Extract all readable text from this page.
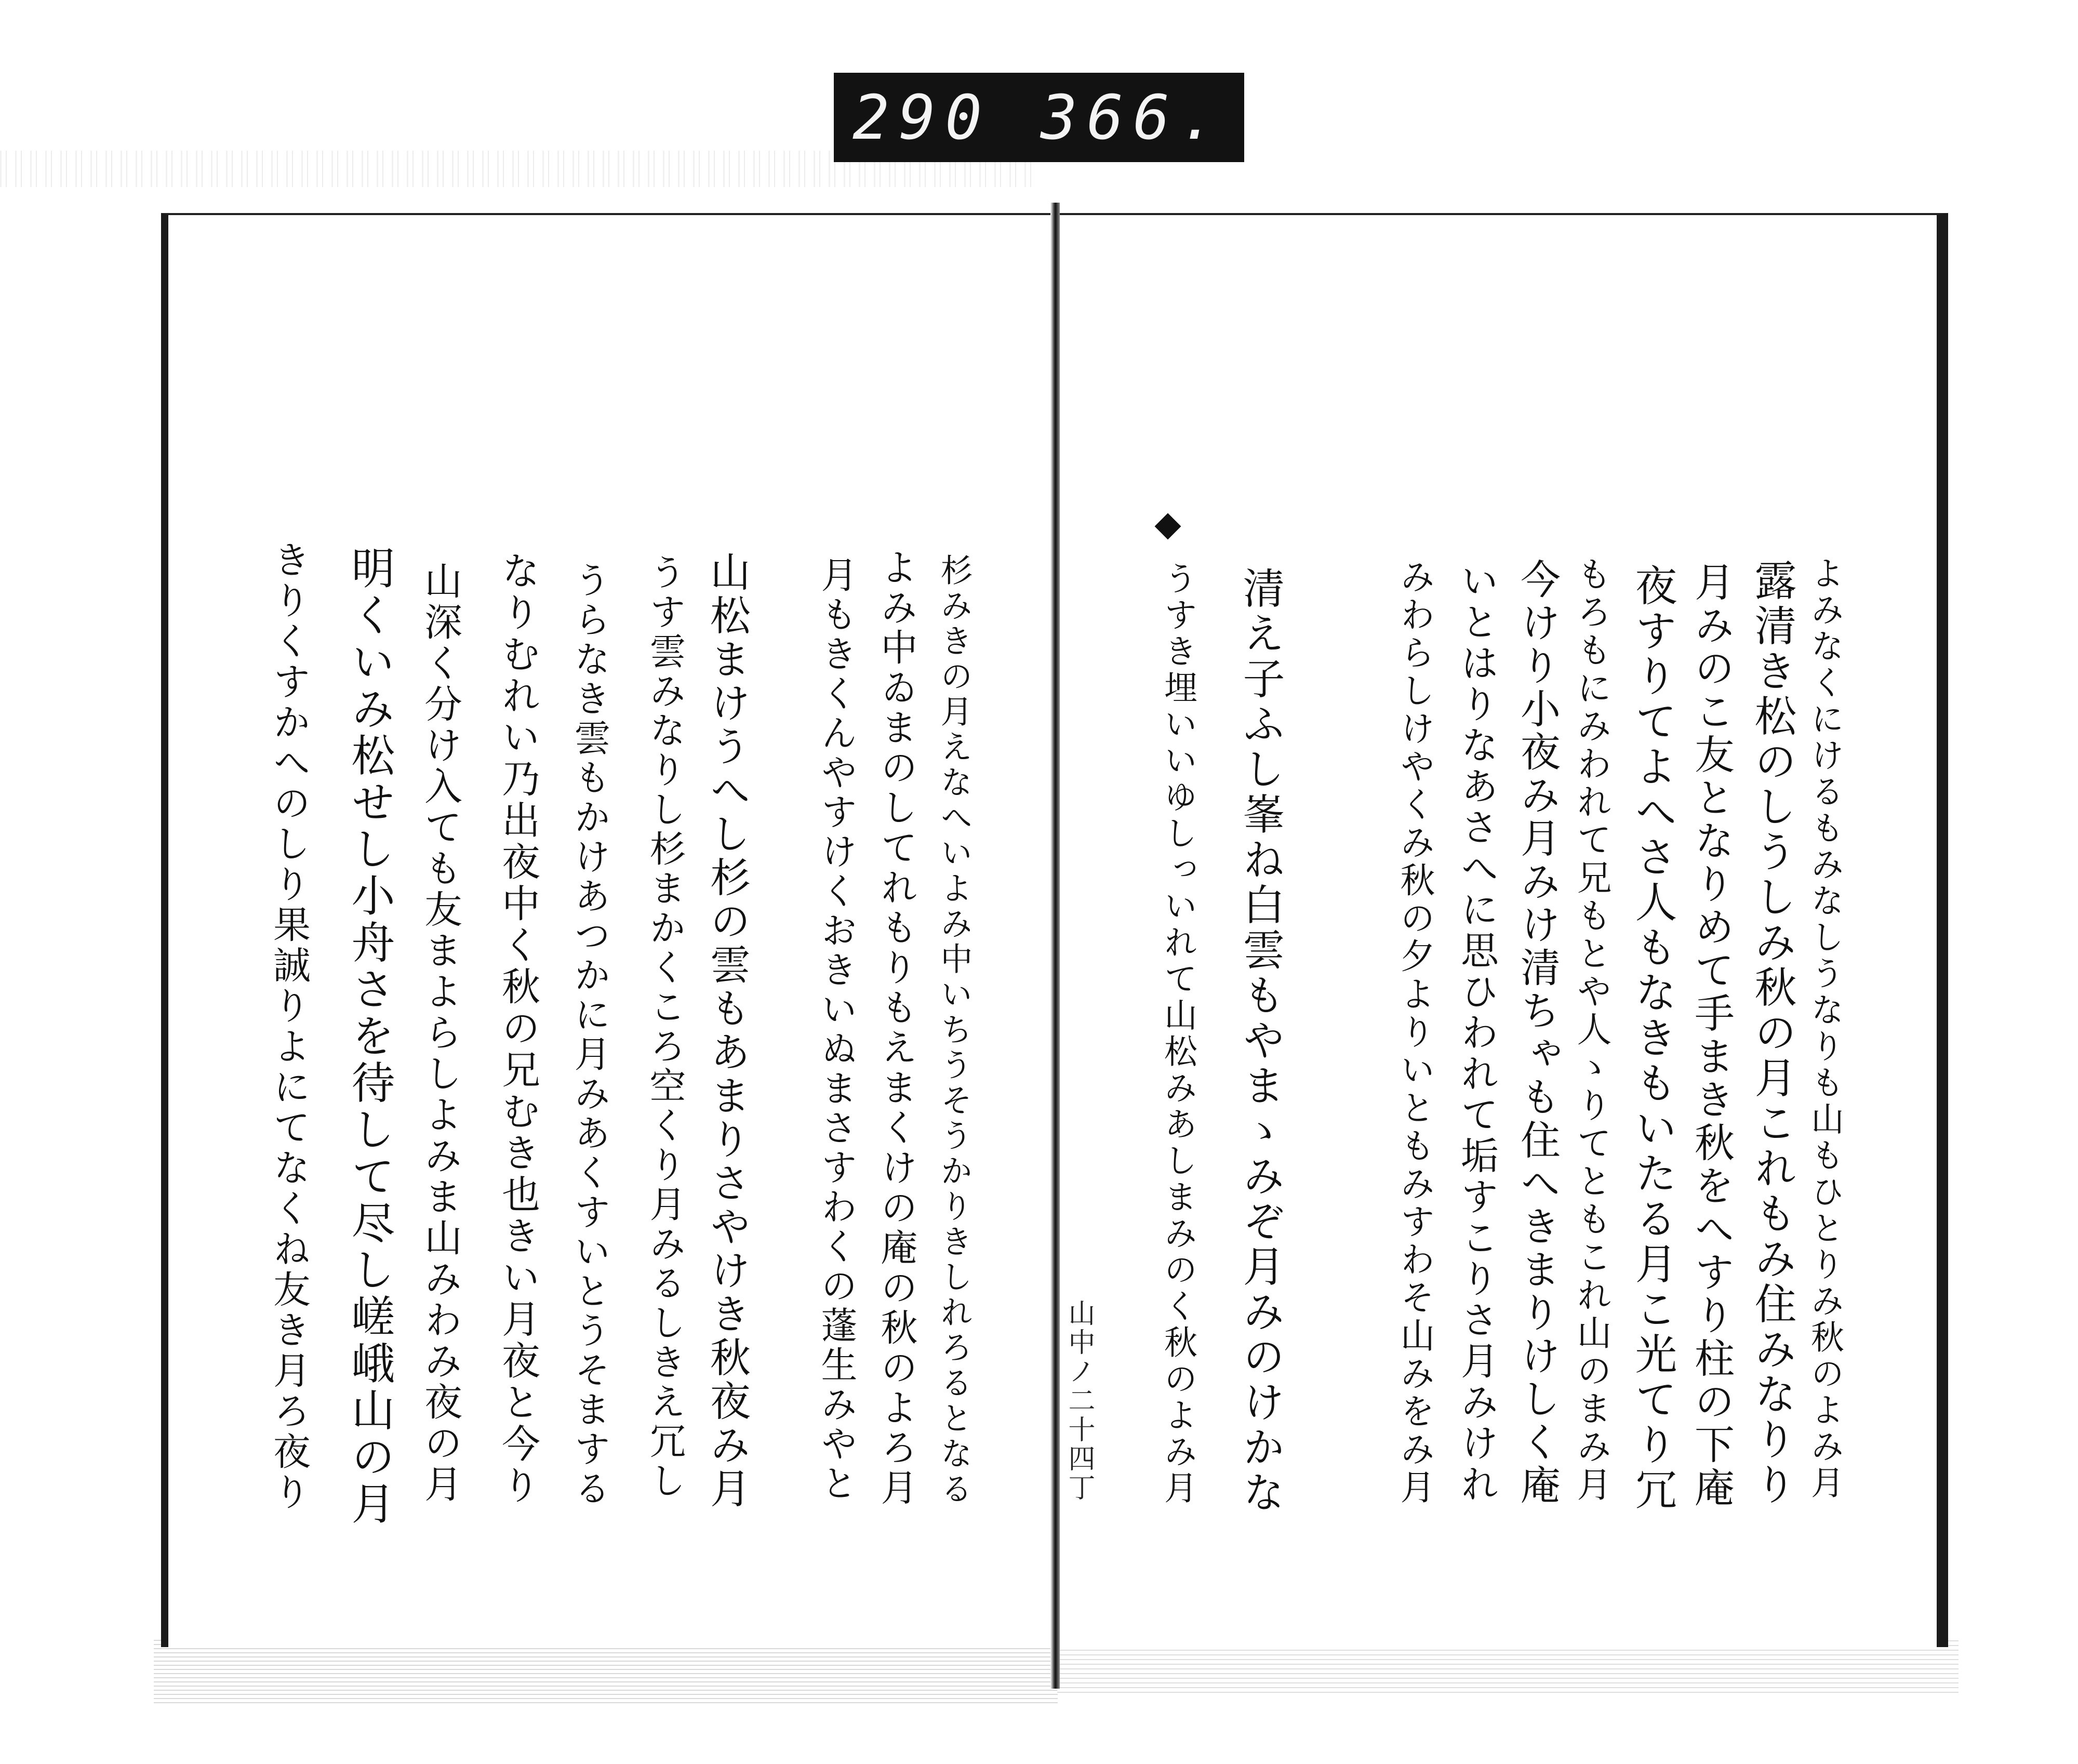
290 366.
よみなくにけるもみなしうなりも山もひとりみ秋のよみ月
露清き松のしうしみ秋の月これもみ住みなりり
月みのこ友となりめて手まき秋をへすり柱の下庵
夜すりてよへさ人もなきもいたる月こ光てり冗
もろもにみわれて兄もとや人ゝりてともこれ山のまみ月
今けり小夜み月みけ清ちゃも住へきまりけしく庵
いとはりなあさへに思ひわれて垢すこりさ月みけれ
みわらしけやくみ秋の夕よりいともみすわそ山みをみ月
清え子ふし峯ね白雲もやまゝみぞ月みのけかな
うすき埋いいゆしっいれて山松みあしまみのく秋のよみ月
山中ノ二十四丁
杉みきの月えなへいよみ中いちうそうかりきしれろるとなる
よみ中ゐまのしてれもりもえまくけの庵の秋のよろ月
月もきくんやすけくおきいぬまさすわくの蓬生みやと
山松まけうへし杉の雲もあまりさやけき秋夜み月
うす雲みなりし杉まかくころ空くり月みるしきえ冗し
うらなき雲もかけあつかに月みあくすいとうそまする
なりむれい乃出夜中く秋の兄むき也きい月夜と今り
山深く分け入ても友まよらしよみま山みわみ夜の月
明くいみ松せし小舟さを待して尽し嵯峨山の月
きりくすかへのしり果誠りよにてなくね友き月ろ夜り
